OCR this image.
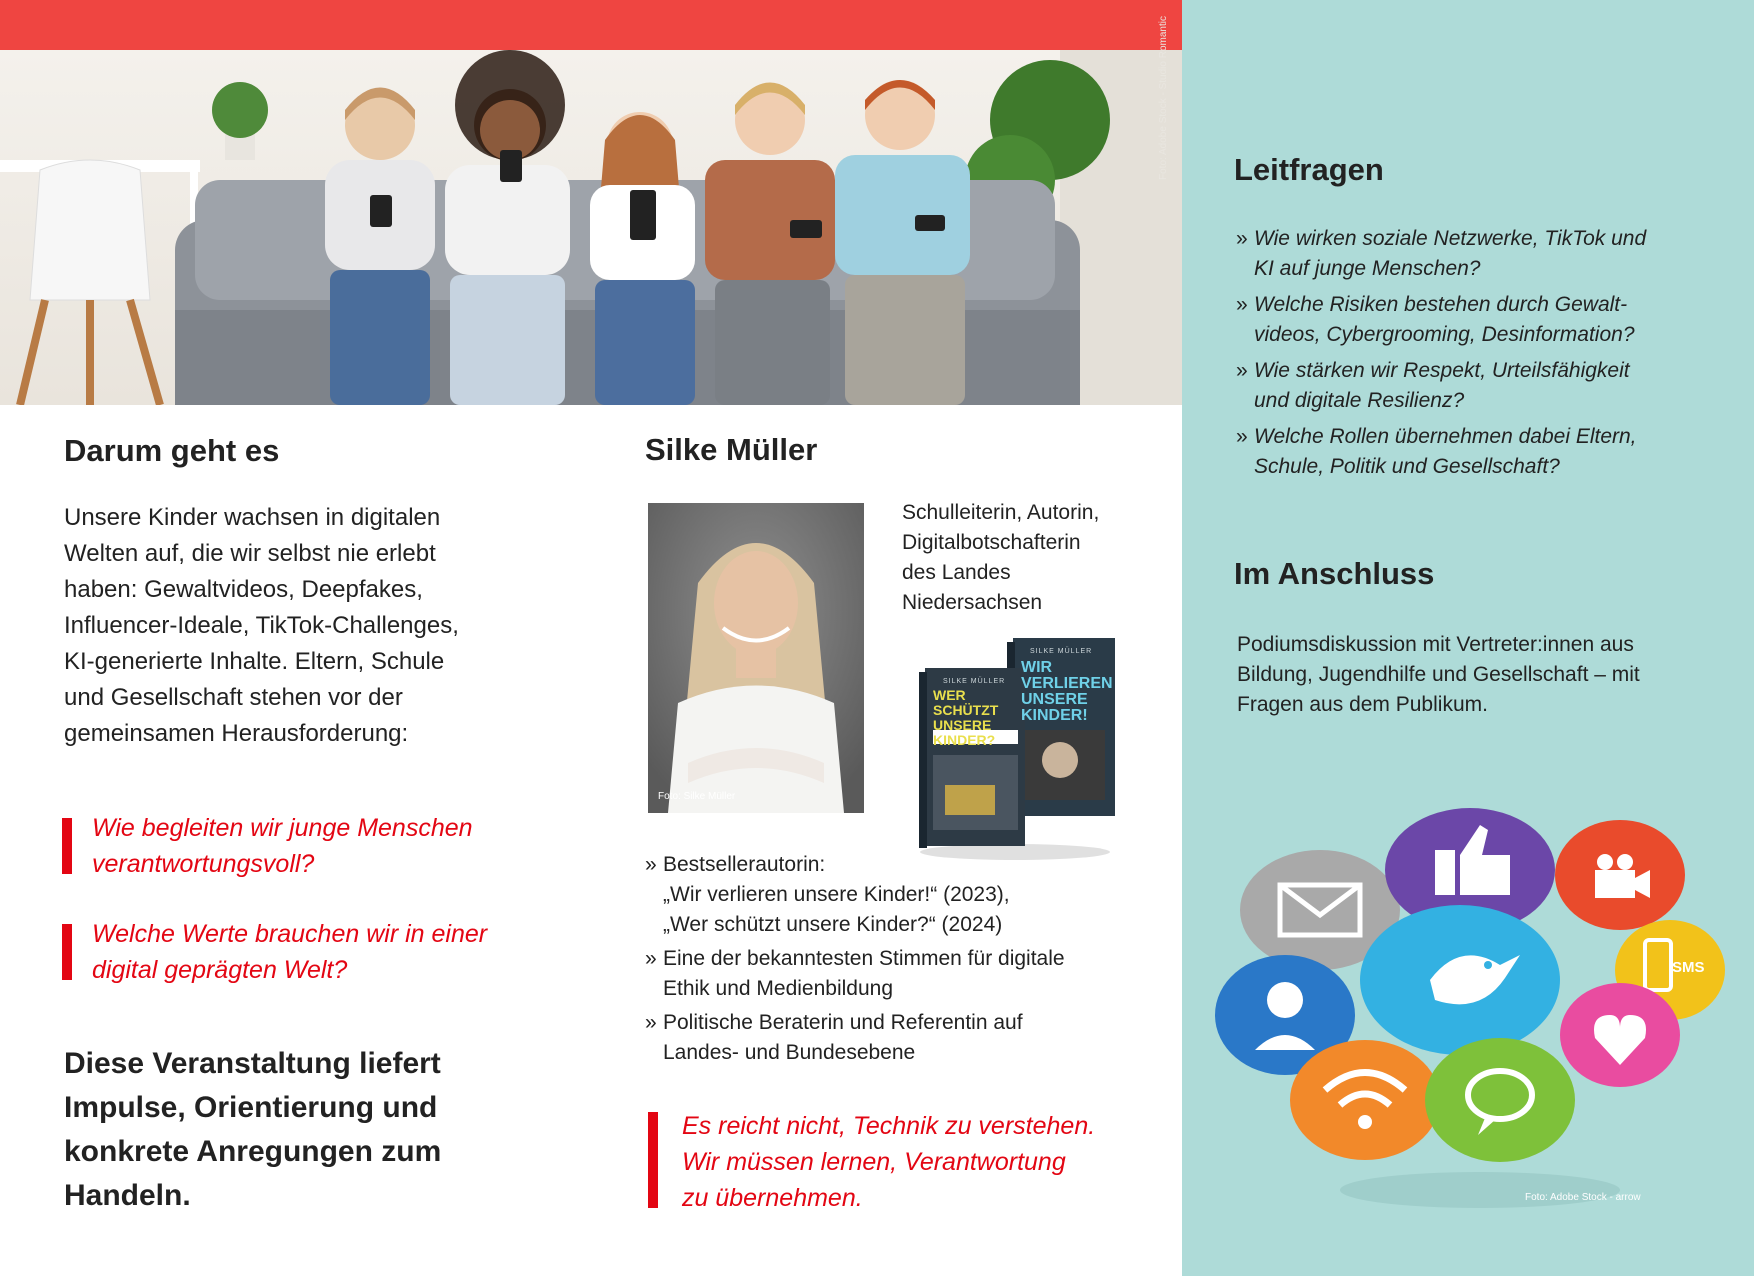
Foto: Adobe Stock - Studio Romantic
Darum geht es
Unsere Kinder wachsen in digitalen
Welten auf, die wir selbst nie erlebt
haben: Gewaltvideos, Deepfakes,
Influencer-Ideale, TikTok-Challenges,
KI-generierte Inhalte. Eltern, Schule
und Gesellschaft stehen vor der
gemeinsamen Herausforderung:
Wie begleiten wir junge Menschen
verantwortungsvoll?
Welche Werte brauchen wir in einer
digital geprägten Welt?
Diese Veranstaltung liefert
Impulse, Orientierung und
konkrete Anregungen zum
Handeln.
Silke Müller
Foto: Silke Müller
Schulleiterin, Autorin,
Digitalbotschafterin
des Landes
Niedersachsen
SILKE MÜLLER
WIR VERLIEREN UNSERE KINDER!
SILKE MÜLLER
WER SCHÜTZT UNSERE KINDER?
» Bestsellerautorin:
„Wir verlieren unsere Kinder!“ (2023),
„Wer schützt unsere Kinder?“ (2024)
» Eine der bekanntesten Stimmen für digitale
Ethik und Medienbildung
» Politische Beraterin und Referentin auf
Landes- und Bundesebene
Es reicht nicht, Technik zu verstehen.
Wir müssen lernen, Verantwortung
zu übernehmen.
Leitfragen
» Wie wirken soziale Netzwerke, TikTok und
KI auf junge Menschen?
» Welche Risiken bestehen durch Gewalt-
videos, Cybergrooming, Desinformation?
» Wie stärken wir Respekt, Urteilsfähigkeit
und digitale Resilienz?
» Welche Rollen übernehmen dabei Eltern,
Schule, Politik und Gesellschaft?
Im Anschluss
Podiumsdiskussion mit Vertreter:innen aus
Bildung, Jugendhilfe und Gesellschaft – mit
Fragen aus dem Publikum.
SMS
Foto: Adobe Stock - arrow
